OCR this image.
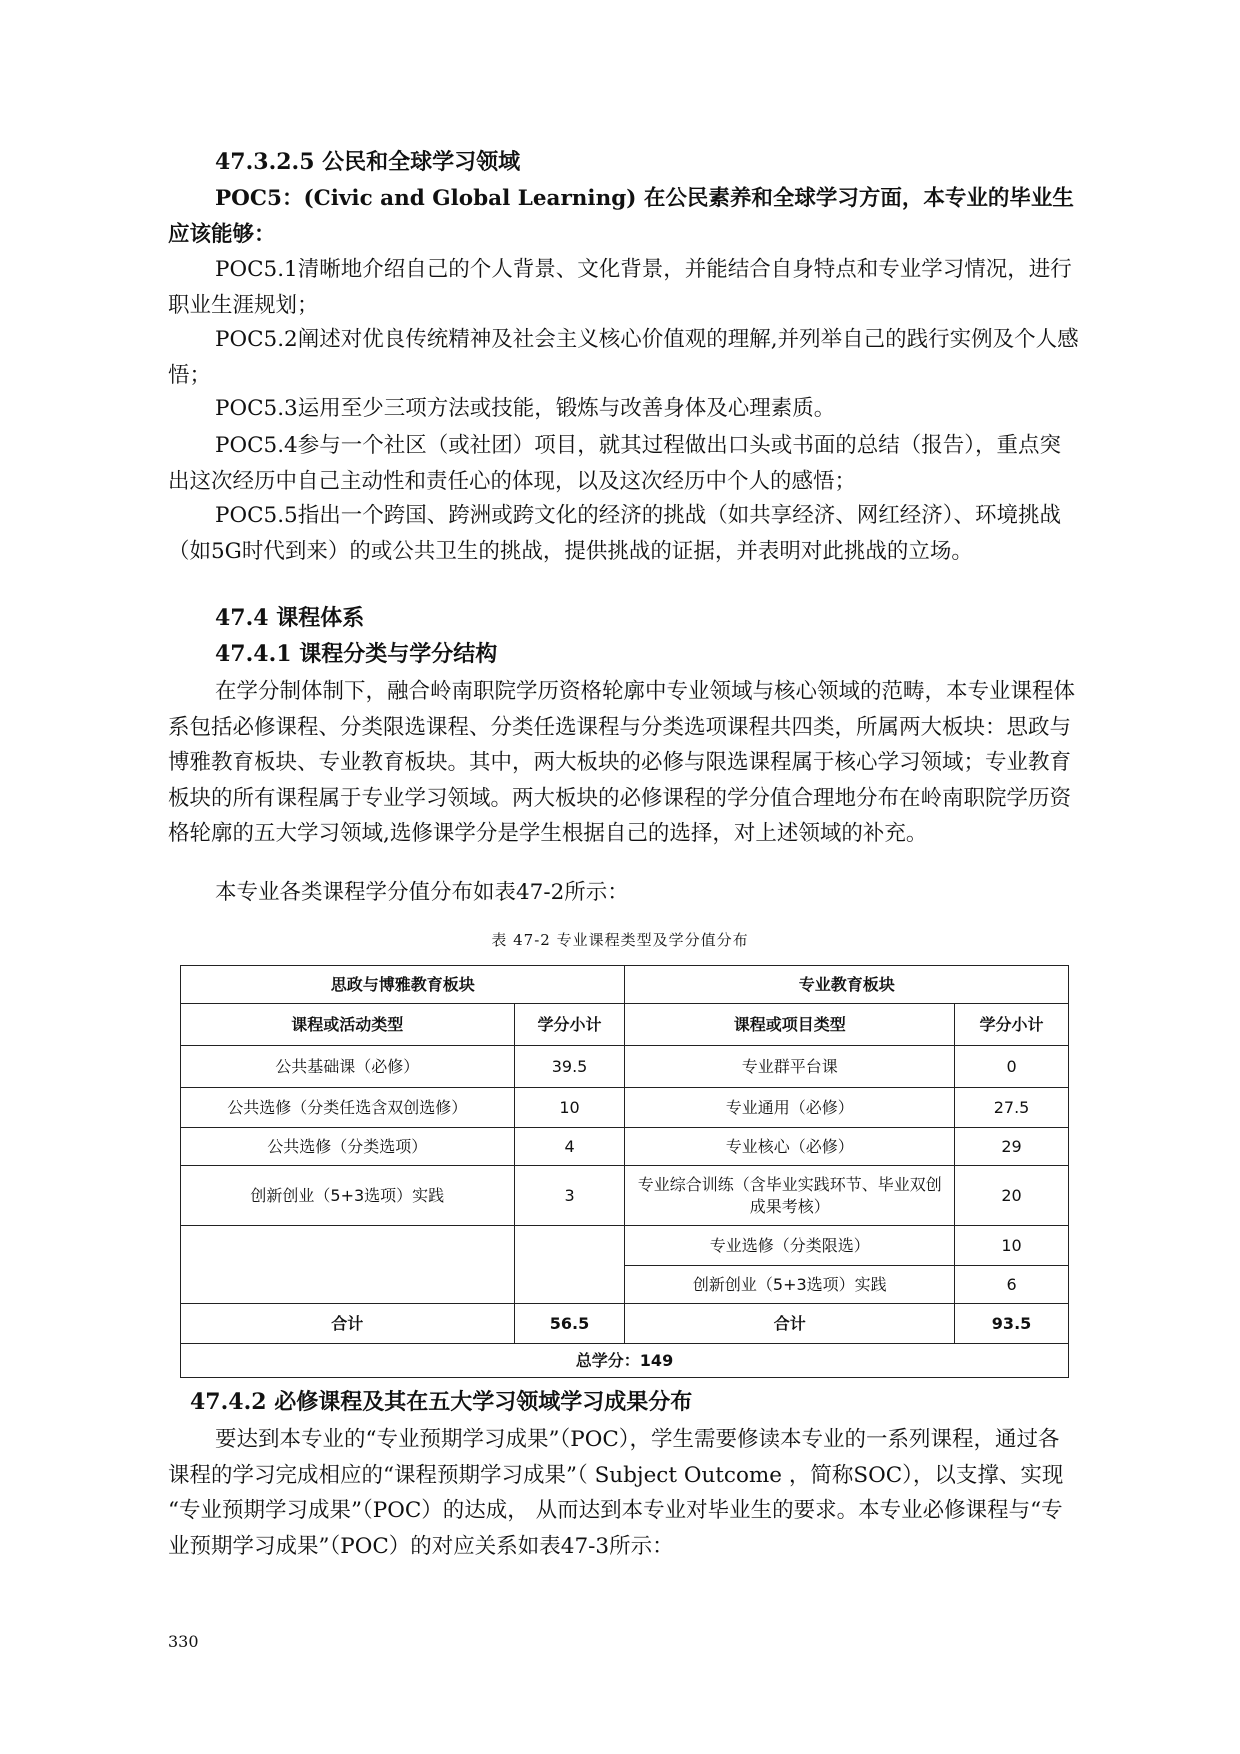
47.3.2.5 公民和全球学习领域

POC5：(Civic and Global Learning) 在公民素养和全球学习方面，本专业的毕业生应该能够：

POC5.1清晰地介绍自己的个人背景、文化背景，并能结合自身特点和专业学习情况，进行职业生涯规划；

POC5.2阐述对优良传统精神及社会主义核心价值观的理解,并列举自己的践行实例及个人感悟；

POC5.3运用至少三项方法或技能，锻炼与改善身体及心理素质。

POC5.4参与一个社区（或社团）项目，就其过程做出口头或书面的总结（报告），重点突出这次经历中自己主动性和责任心的体现，以及这次经历中个人的感悟；

POC5.5指出一个跨国、跨洲或跨文化的经济的挑战（如共享经济、网红经济）、环境挑战（如5G时代到来）的或公共卫生的挑战，提供挑战的证据，并表明对此挑战的立场。

47.4 课程体系
47.4.1 课程分类与学分结构

在学分制体制下，融合岭南职院学历资格轮廓中专业领域与核心领域的范畴，本专业课程体系包括必修课程、分类限选课程、分类任选课程与分类选项课程共四类，所属两大板块：思政与博雅教育板块、专业教育板块。其中，两大板块的必修与限选课程属于核心学习领域；专业教育板块的所有课程属于专业学习领域。两大板块的必修课程的学分值合理地分布在岭南职院学历资格轮廓的五大学习领域,选修课学分是学生根据自己的选择，对上述领域的补充。

本专业各类课程学分值分布如表47-2所示：

表 47-2 专业课程类型及学分值分布
思政与博雅教育板块		专业教育板块	
课程或活动类型	学分小计	课程或项目类型	学分小计
公共基础课（必修）	39.5	专业群平台课	0
公共选修（分类任选含双创选修）	10	专业通用（必修）	27.5
公共选修（分类选项）	4	专业核心（必修）	29
创新创业（5+3选项）实践	3	专业综合训练（含毕业实践环节、毕业双创成果考核）	20
		专业选修（分类限选）	10
		创新创业（5+3选项）实践	6
合计	56.5	合计	93.5
总学分：149			
47.4.2 必修课程及其在五大学习领域学习成果分布

要达到本专业的“专业预期学习成果”（POC），学生需要修读本专业的一系列课程，通过各课程的学习完成相应的“课程预期学习成果”（ Subject Outcome ，简称SOC），以支撑、实现 “专业预期学习成果”（POC）的达成， 从而达到本专业对毕业生的要求。本专业必修课程与“专业预期学习成果”（POC）的对应关系如表47-3所示：

330
